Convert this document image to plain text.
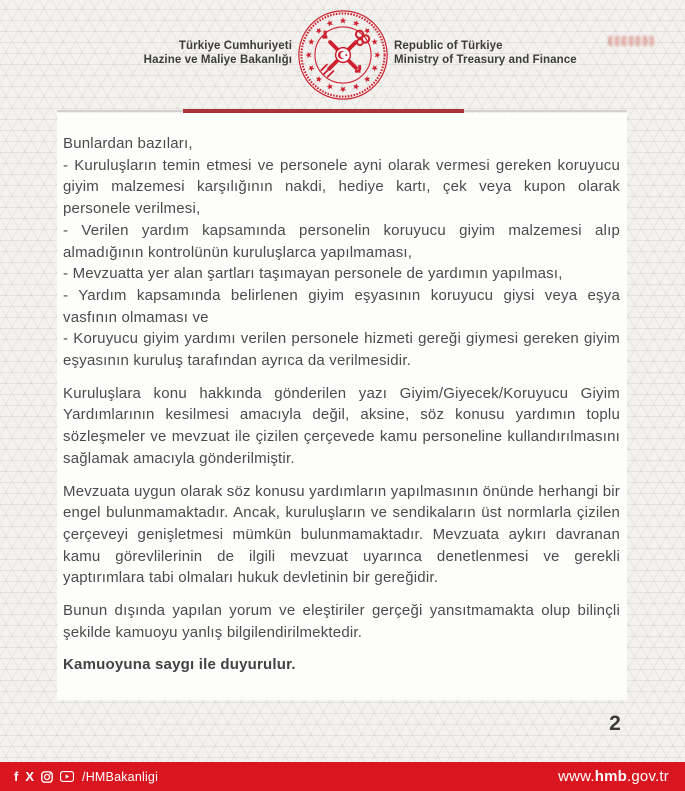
Türkiye Cumhuriyeti
Hazine ve Maliye Bakanlığı
Republic of Türkiye
Ministry of Treasury and Finance

Bunlardan bazıları,

- Kuruluşların temin etmesi ve personele ayni olarak vermesi gereken koruyucu giyim malzemesi karşılığının nakdi, hediye kartı, çek veya kupon olarak personele verilmesi,

- Verilen yardım kapsamında personelin koruyucu giyim malzemesi alıp almadığının kontrolünün kuruluşlarca yapılmaması,

- Mevzuatta yer alan şartları taşımayan personele de yardımın yapılması,

- Yardım kapsamında belirlenen giyim eşyasının koruyucu giysi veya eşya vasfının olmaması ve

- Koruyucu giyim yardımı verilen personele hizmeti gereği giymesi gereken giyim eşyasının kuruluş tarafından ayrıca da verilmesidir.

Kuruluşlara konu hakkında gönderilen yazı Giyim/Giyecek/Koruyucu Giyim Yardımlarının kesilmesi amacıyla değil, aksine, söz konusu yardımın toplu sözleşmeler ve mevzuat ile çizilen çerçevede kamu personeline kullandırılmasını sağlamak amacıyla gönderilmiştir.

Mevzuata uygun olarak söz konusu yardımların yapılmasının önünde herhangi bir engel bulunmamaktadır. Ancak, kuruluşların ve sendikaların üst normlarla çizilen çerçeveyi genişletmesi mümkün bulunmamaktadır. Mevzuata aykırı davranan kamu görevlilerinin de ilgili mevzuat uyarınca denetlenmesi ve gerekli yaptırımlara tabi olmaları hukuk devletinin bir gereğidir.

Bunun dışında yapılan yorum ve eleştiriler gerçeği yansıtmamakta olup bilinçli şekilde kamuoyu yanlış bilgilendirilmektedir.

Kamuoyuna saygı ile duyurulur.

2
f X	/HMBakanligi	www.hmb.gov.tr
